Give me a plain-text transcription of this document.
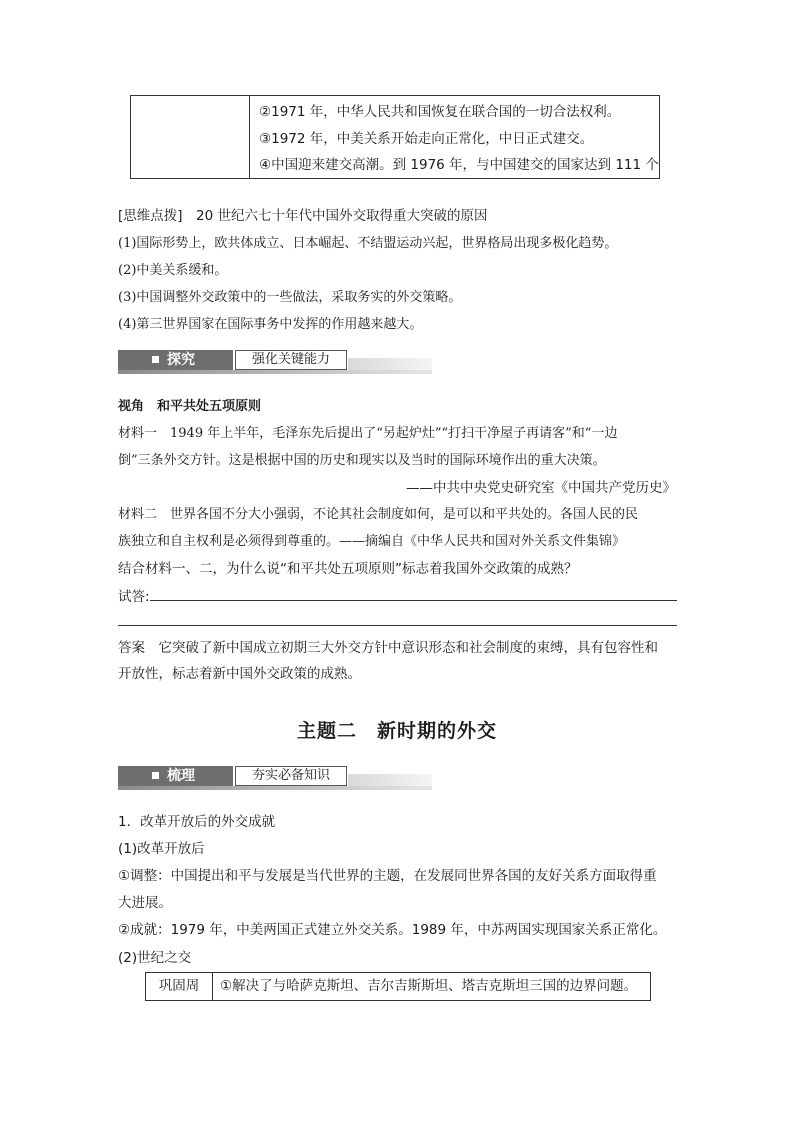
②1971 年，中华人民共和国恢复在联合国的一切合法权利。
③1972 年，中美关系开始走向正常化，中日正式建交。
④中国迎来建交高潮。到 1976 年，与中国建交的国家达到 111 个
[思维点拨]　20 世纪六七十年代中国外交取得重大突破的原因
(1)国际形势上，欧共体成立、日本崛起、不结盟运动兴起，世界格局出现多极化趋势。
(2)中美关系缓和。
(3)中国调整外交政策中的一些做法，采取务实的外交策略。
(4)第三世界国家在国际事务中发挥的作用越来越大。
探究	强化关键能力
视角　和平共处五项原则
材料一　1949 年上半年，毛泽东先后提出了“另起炉灶”“打扫干净屋子再请客”和“一边
倒”三条外交方针。这是根据中国的历史和现实以及当时的国际环境作出的重大决策。
——中共中央党史研究室《中国共产党历史》
材料二　世界各国不分大小强弱，不论其社会制度如何，是可以和平共处的。各国人民的民
族独立和自主权利是必须得到尊重的。——摘编自《中华人民共和国对外关系文件集锦》
结合材料一、二，为什么说“和平共处五项原则”标志着我国外交政策的成熟？
试答:
答案　它突破了新中国成立初期三大外交方针中意识形态和社会制度的束缚，具有包容性和
开放性，标志着新中国外交政策的成熟。
主题二　新时期的外交
梳理	夯实必备知识
1．改革开放后的外交成就
(1)改革开放后
①调整：中国提出和平与发展是当代世界的主题，在发展同世界各国的友好关系方面取得重
大进展。
②成就：1979 年，中美两国正式建立外交关系。1989 年，中苏两国实现国家关系正常化。
(2)世纪之交
巩固周	①解决了与哈萨克斯坦、吉尔吉斯斯坦、塔吉克斯坦三国的边界问题。
